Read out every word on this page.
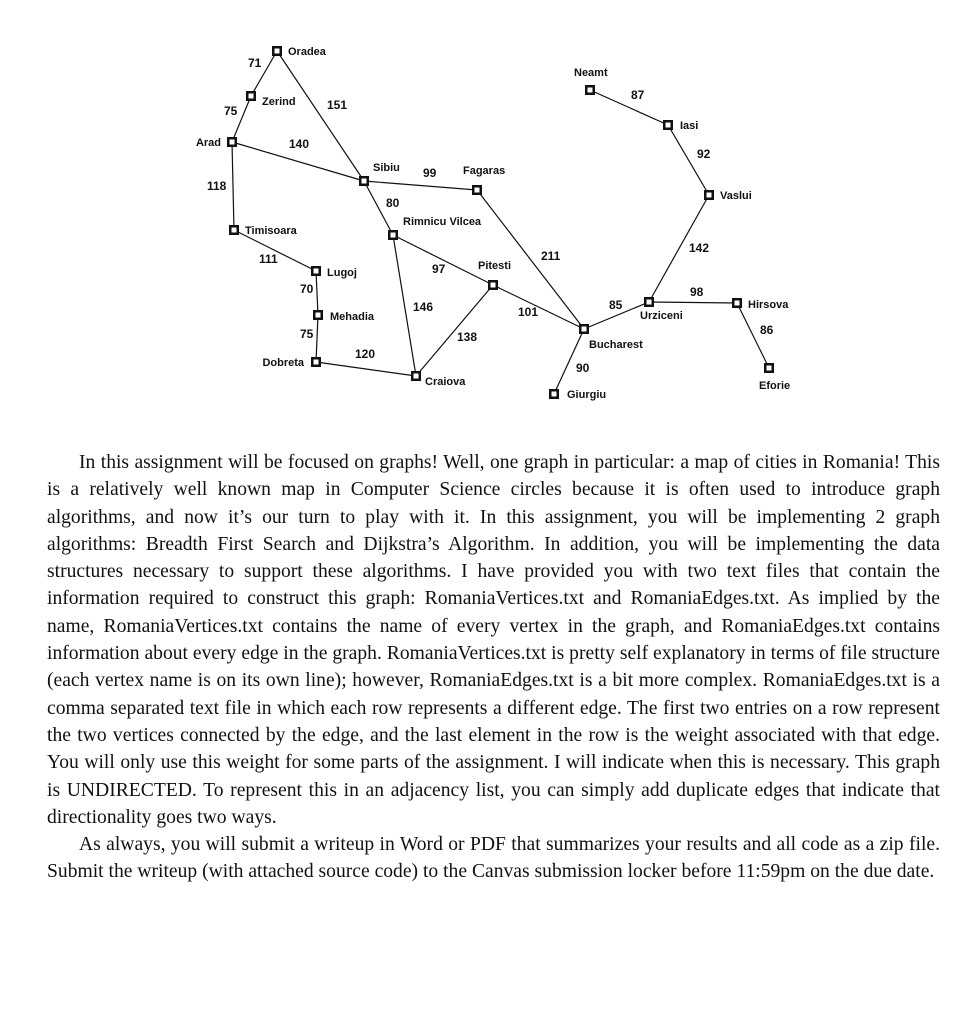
71
75	151
140
118
111
70
75
120
99
80
97
146
138
211
101
90
85
98
86
142
92
87
Oradea
Zerind
Arad
Timisoara
Lugoj
Mehadia
Dobreta
Craiova
Sibiu
Rimnicu Vilcea
Fagaras
Pitesti
Bucharest
Giurgiu
Urziceni
Hirsova
Eforie
Vaslui
Iasi
Neamt

In this assignment will be focused on graphs! Well, one graph in particular: a map of cities in Romania! This is a relatively well known map in Computer Science circles because it is often used to introduce graph algorithms, and now it’s our turn to play with it. In this assignment, you will be implementing 2 graph algorithms: Breadth First Search and Dijkstra’s Algorithm. In addition, you will be implementing the data structures necessary to support these algorithms. I have provided you with two text files that contain the information required to construct this graph: RomaniaVertices.txt and RomaniaEdges.txt. As implied by the name, RomaniaVertices.txt contains the name of every vertex in the graph, and RomaniaEdges.txt contains information about every edge in the graph. RomaniaVertices.txt is pretty self explanatory in terms of file structure (each vertex name is on its own line); however, RomaniaEdges.txt is a bit more complex. RomaniaEdges.txt is a comma separated text file in which each row represents a different edge. The first two entries on a row represent the two vertices connected by the edge, and the last element in the row is the weight associated with that edge. You will only use this weight for some parts of the assignment. I will indicate when this is necessary. This graph is UNDIRECTED. To represent this in an adjacency list, you can simply add duplicate edges that indicate that directionality goes two ways.

As always, you will submit a writeup in Word or PDF that summarizes your results and all code as a zip file. Submit the writeup (with attached source code) to the Canvas submission locker before 11:59pm on the due date.
